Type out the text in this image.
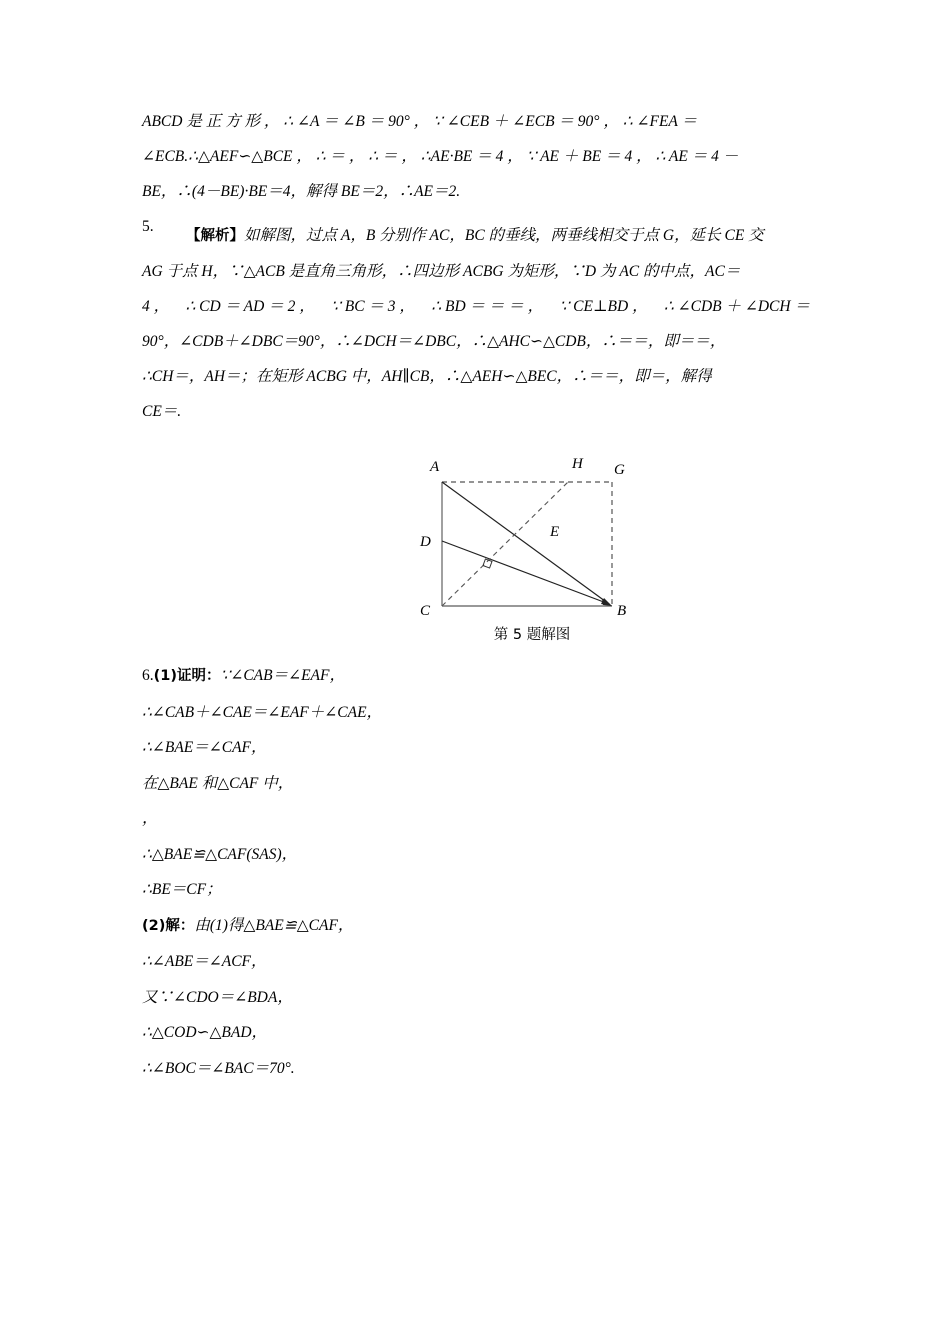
ABCD 是 正 方 形 ， ∴ ∠A ＝ ∠B ＝ 90° ， ∵ ∠CEB ＋ ∠ECB ＝ 90° ， ∴ ∠FEA ＝
∠ECB.∴△AEF∽△BCE ， ∴ ＝ ， ∴ ＝ ， ∴AE·BE ＝ 4 ， ∵ AE ＋ BE ＝ 4 ， ∴ AE ＝ 4 －
BE，∴(4－BE)·BE＝4，解得 BE＝2，∴AE＝2.
5.
【解析】如解图，过点 A，B 分别作 AC，BC 的垂线，两垂线相交于点 G，延长 CE 交
AG 于点 H，∵△ACB 是直角三角形，∴四边形 ACBG 为矩形，∵D 为 AC 的中点，AC＝
4 ， ∴ CD ＝ AD ＝ 2 ， ∵ BC ＝ 3 ， ∴ BD ＝ ＝ ＝ ， ∵ CE⊥BD ， ∴ ∠CDB ＋ ∠DCH ＝
90°，∠CDB＋∠DBC＝90°，∴∠DCH＝∠DBC，∴△AHC∽△CDB，∴＝＝，即＝＝，
∴CH＝，AH＝；在矩形 ACBG 中，AH∥CB，∴△AEH∽△BEC，∴＝＝，即＝，解得
CE＝.
A	H G
D
E
C	B
第 5 题解图
6.(1)证明：∵∠CAB＝∠EAF，
∴∠CAB＋∠CAE＝∠EAF＋∠CAE，
∴∠BAE＝∠CAF，
在△BAE 和△CAF 中，
，
∴△BAE≌△CAF(SAS)，
∴BE＝CF；
(2)解：由(1)得△BAE≌△CAF，
∴∠ABE＝∠ACF，
又∵∠CDO＝∠BDA，
∴△COD∽△BAD，
∴∠BOC＝∠BAC＝70°.
